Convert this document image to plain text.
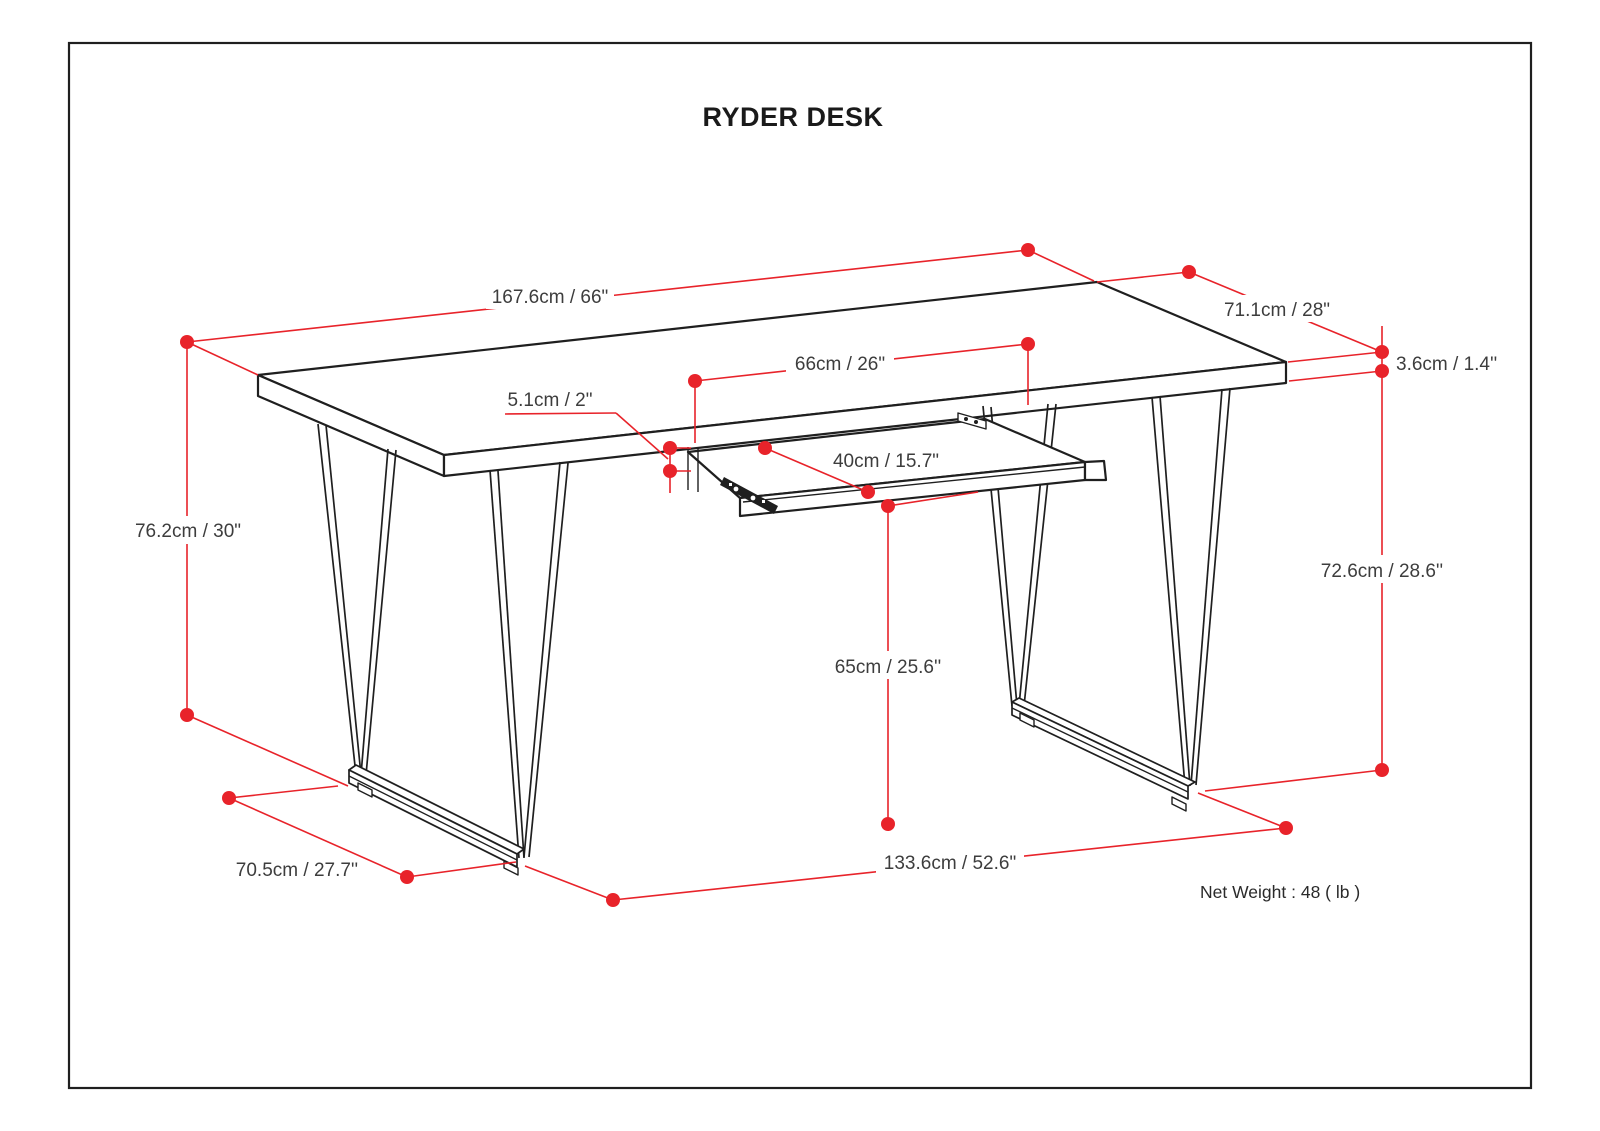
RYDER DESK
167.6cm / 66"
71.1cm / 28"
3.6cm / 1.4''
76.2cm / 30"
66cm / 26"
5.1cm / 2"
40cm / 15.7"
72.6cm / 28.6''
65cm / 25.6''
70.5cm / 27.7''	133.6cm / 52.6"
Net Weight : 48 ( lb )
